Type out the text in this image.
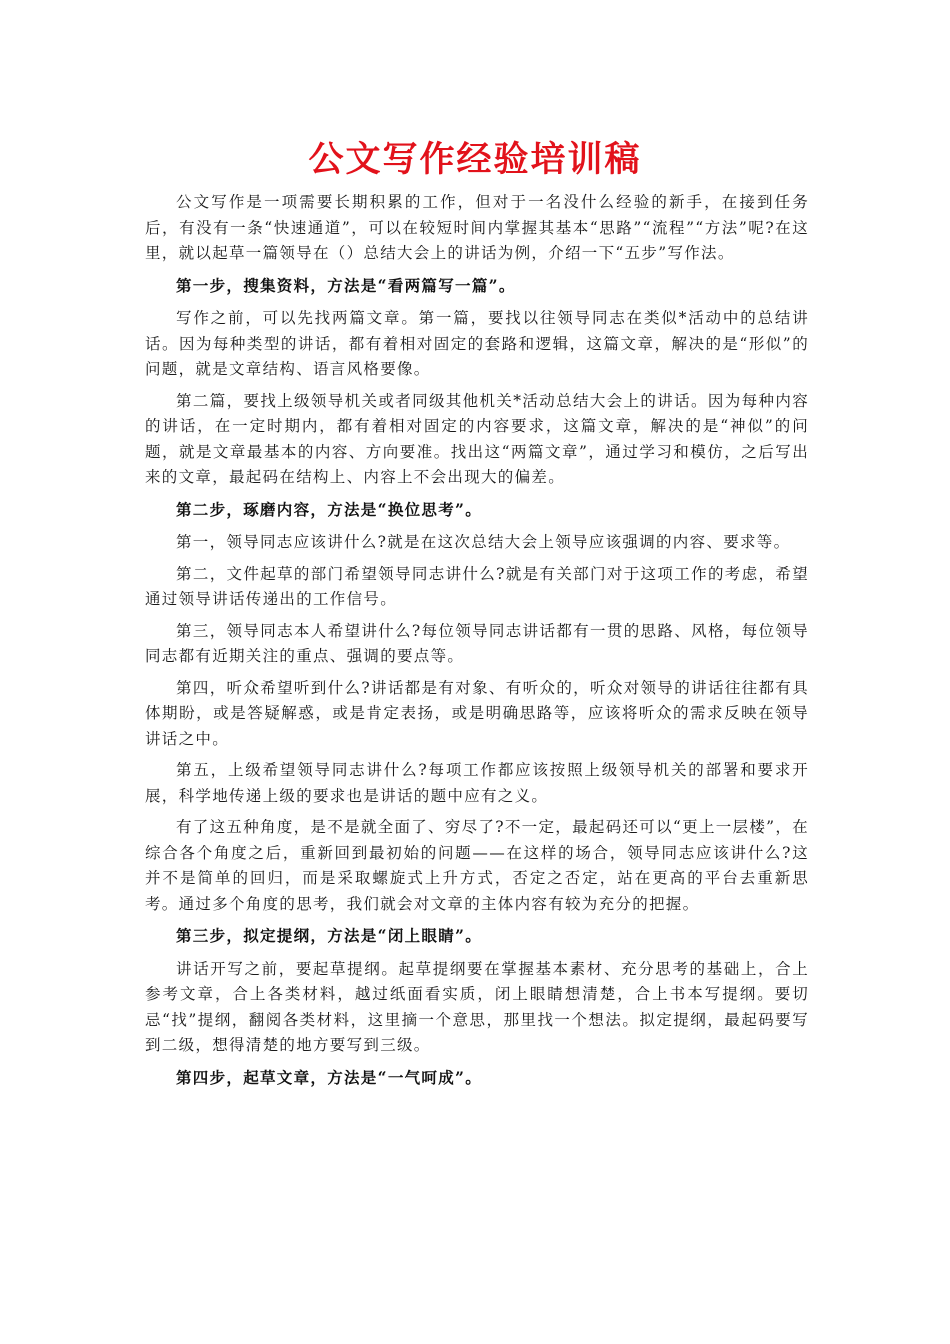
公文写作经验培训稿

公文写作是一项需要长期积累的工作，但对于一名没什么经验的新手，在接到任务后，有没有一条“快速通道”，可以在较短时间内掌握其基本“思路”“流程”“方法”呢?在这里，就以起草一篇领导在（）总结大会上的讲话为例，介绍一下“五步”写作法。

第一步，搜集资料，方法是“看两篇写一篇”。

写作之前，可以先找两篇文章。第一篇，要找以往领导同志在类似*活动中的总结讲话。因为每种类型的讲话，都有着相对固定的套路和逻辑，这篇文章，解决的是“形似”的问题，就是文章结构、语言风格要像。

第二篇，要找上级领导机关或者同级其他机关*活动总结大会上的讲话。因为每种内容的讲话，在一定时期内，都有着相对固定的内容要求，这篇文章，解决的是“神似”的问题，就是文章最基本的内容、方向要准。找出这“两篇文章”，通过学习和模仿，之后写出来的文章，最起码在结构上、内容上不会出现大的偏差。

第二步，琢磨内容，方法是“换位思考”。

第一，领导同志应该讲什么?就是在这次总结大会上领导应该强调的内容、要求等。

第二，文件起草的部门希望领导同志讲什么?就是有关部门对于这项工作的考虑，希望通过领导讲话传递出的工作信号。

第三，领导同志本人希望讲什么?每位领导同志讲话都有一贯的思路、风格，每位领导同志都有近期关注的重点、强调的要点等。

第四，听众希望听到什么?讲话都是有对象、有听众的，听众对领导的讲话往往都有具体期盼，或是答疑解惑，或是肯定表扬，或是明确思路等，应该将听众的需求反映在领导讲话之中。

第五，上级希望领导同志讲什么?每项工作都应该按照上级领导机关的部署和要求开展，科学地传递上级的要求也是讲话的题中应有之义。

有了这五种角度，是不是就全面了、穷尽了?不一定，最起码还可以“更上一层楼”，在综合各个角度之后，重新回到最初始的问题——在这样的场合，领导同志应该讲什么?这并不是简单的回归，而是采取螺旋式上升方式，否定之否定，站在更高的平台去重新思考。通过多个角度的思考，我们就会对文章的主体内容有较为充分的把握。

第三步，拟定提纲，方法是“闭上眼睛”。

讲话开写之前，要起草提纲。起草提纲要在掌握基本素材、充分思考的基础上，合上参考文章，合上各类材料，越过纸面看实质，闭上眼睛想清楚，合上书本写提纲。要切忌“找”提纲，翻阅各类材料，这里摘一个意思，那里找一个想法。拟定提纲，最起码要写到二级，想得清楚的地方要写到三级。

第四步，起草文章，方法是“一气呵成”。
